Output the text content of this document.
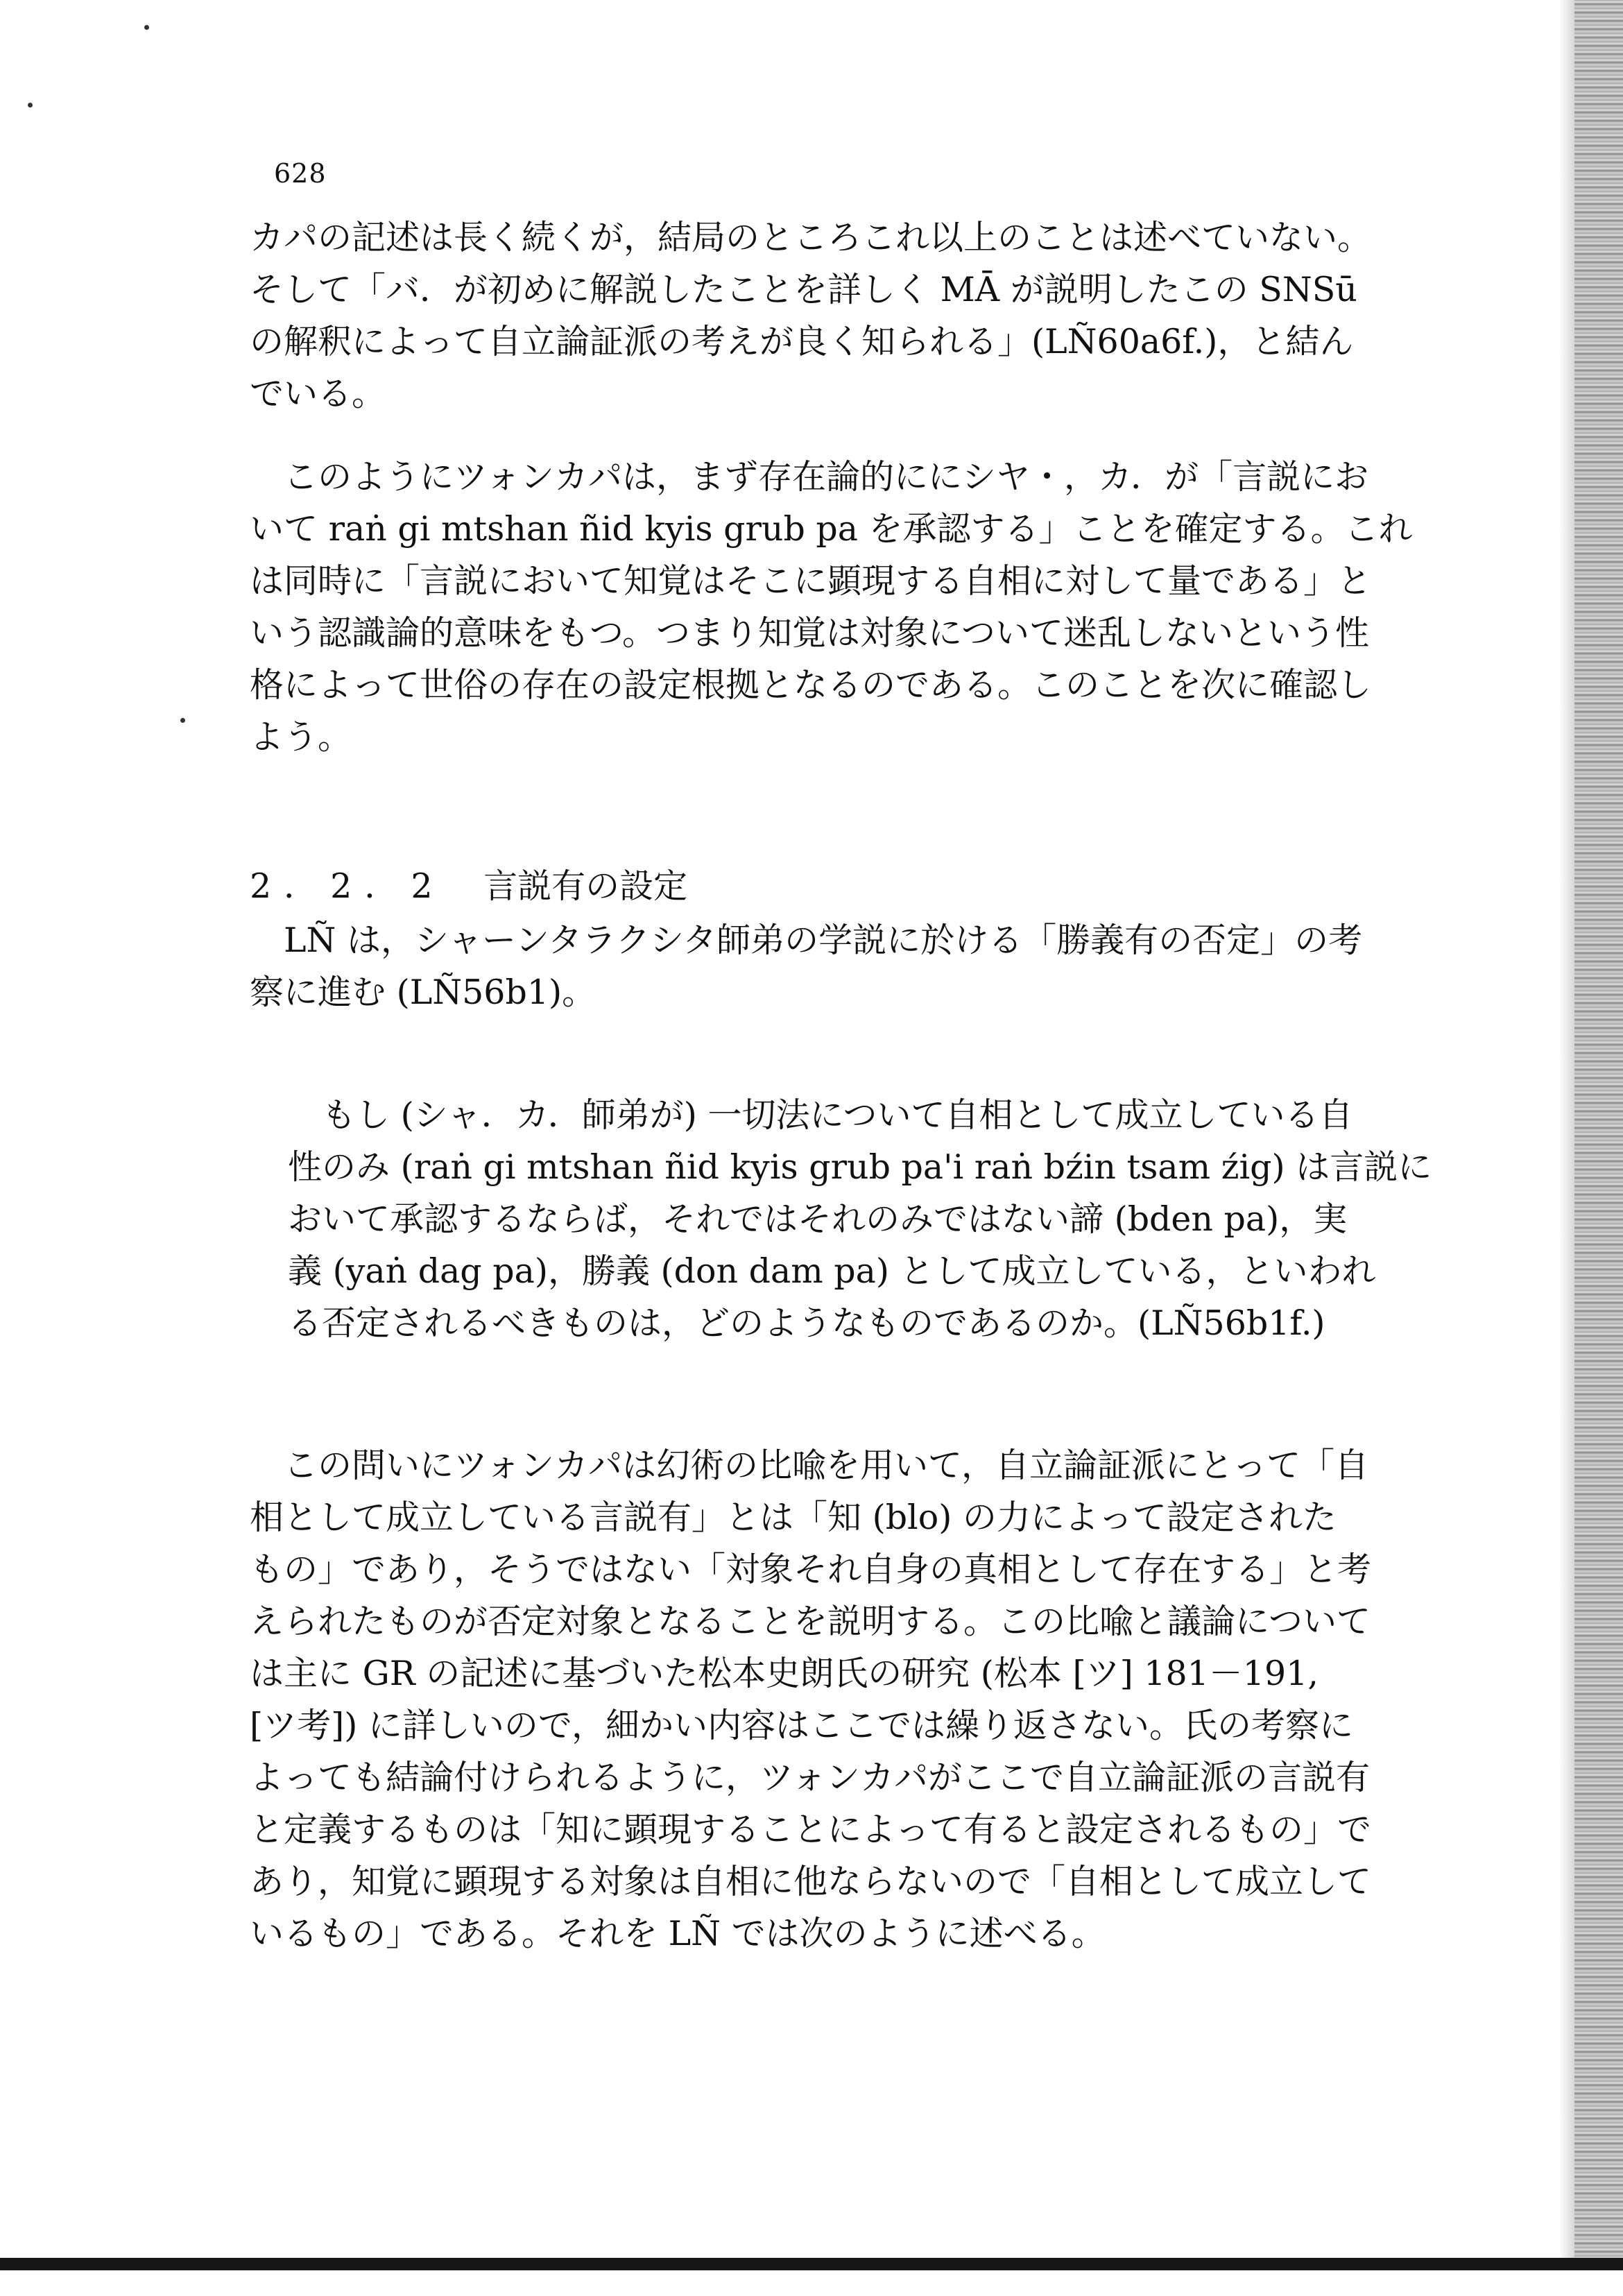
628
カパの記述は長く続くが，結局のところこれ以上のことは述べていない。
そして「バ．が初めに解説したことを詳しく MĀ が説明したこの SNSū
の解釈によって自立論証派の考えが良く知られる」(LÑ60a6f.)，と結ん
でいる。
　このようにツォンカパは，まず存在論的ににシヤ・，カ．が「言説にお
いて raṅ gi mtshan ñid kyis grub pa を承認する」ことを確定する。これ
は同時に「言説において知覚はそこに顕現する自相に対して量である」と
いう認識論的意味をもつ。つまり知覚は対象について迷乱しないという性
格によって世俗の存在の設定根拠となるのである。このことを次に確認し
よう。
2．2．2 言説有の設定
　LÑ は，シャーンタラクシタ師弟の学説に於ける「勝義有の否定」の考
察に進む (LÑ56b1)。
　もし (シャ．カ．師弟が) 一切法について自相として成立している自
性のみ (raṅ gi mtshan ñid kyis grub pa'i raṅ bźin tsam źig) は言説に
おいて承認するならば，それではそれのみではない諦 (bden pa)，実
義 (yaṅ dag pa)，勝義 (don dam pa) として成立している，といわれ
る否定されるべきものは，どのようなものであるのか。(LÑ56b1f.)
　この問いにツォンカパは幻術の比喩を用いて，自立論証派にとって「自
相として成立している言説有」とは「知 (blo) の力によって設定された
もの」であり，そうではない「対象それ自身の真相として存在する」と考
えられたものが否定対象となることを説明する。この比喩と議論について
は主に GR の記述に基づいた松本史朗氏の研究 (松本 [ツ] 181－191,
[ツ考]) に詳しいので，細かい内容はここでは繰り返さない。氏の考察に
よっても結論付けられるように，ツォンカパがここで自立論証派の言説有
と定義するものは「知に顕現することによって有ると設定されるもの」で
あり，知覚に顕現する対象は自相に他ならないので「自相として成立して
いるもの」である。それを LÑ では次のように述べる。
